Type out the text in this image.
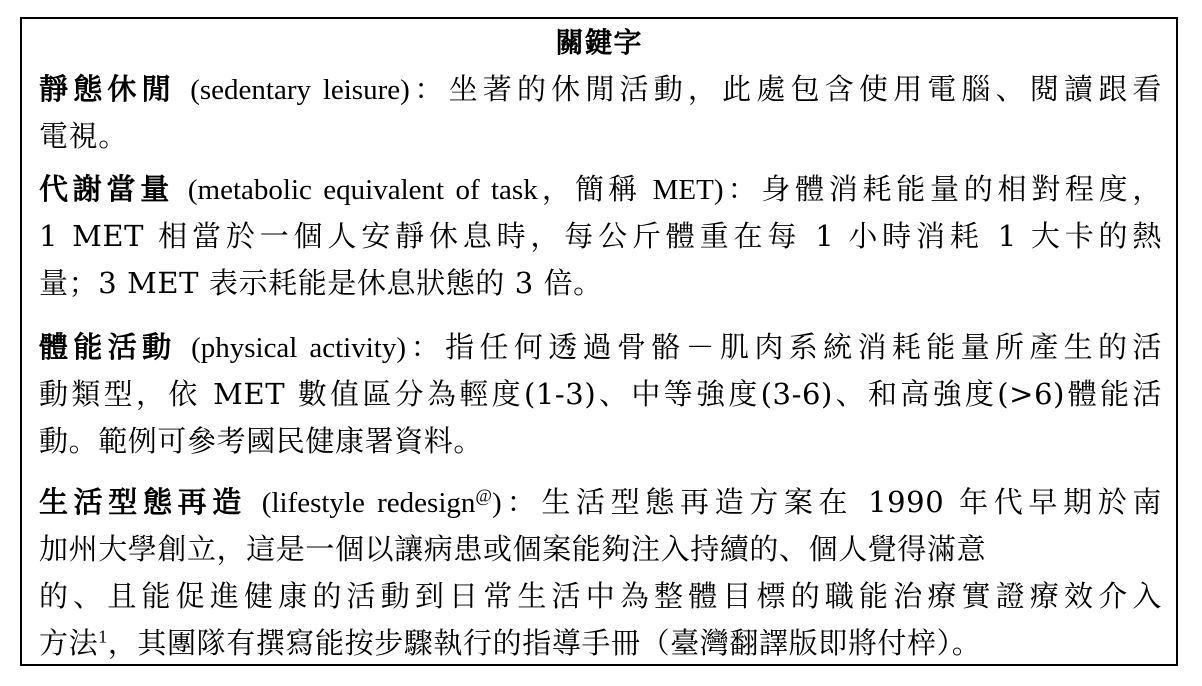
關鍵字
靜態休閒 (sedentary leisure)：坐著的休閒活動，此處包含使用電腦、閱讀跟看
電視。
代謝當量 (metabolic equivalent of task，簡稱 MET)：身體消耗能量的相對程度，
1 MET 相當於一個人安靜休息時，每公斤體重在每 1 小時消耗 1 大卡的熱
量；3 MET 表示耗能是休息狀態的 3 倍。
體能活動 (physical activity)：指任何透過骨骼－肌肉系統消耗能量所產生的活
動類型，依 MET 數值區分為輕度(1-3)、中等強度(3-6)、和高強度(>6)體能活
動。範例可參考國民健康署資料。
生活型態再造 (lifestyle redesign@)：生活型態再造方案在 1990 年代早期於南
加州大學創立，這是一個以讓病患或個案能夠注入持續的、個人覺得滿意
的、且能促進健康的活動到日常生活中為整體目標的職能治療實證療效介入
方法$^1$，其團隊有撰寫能按步驟執行的指導手冊（臺灣翻譯版即將付梓）。
